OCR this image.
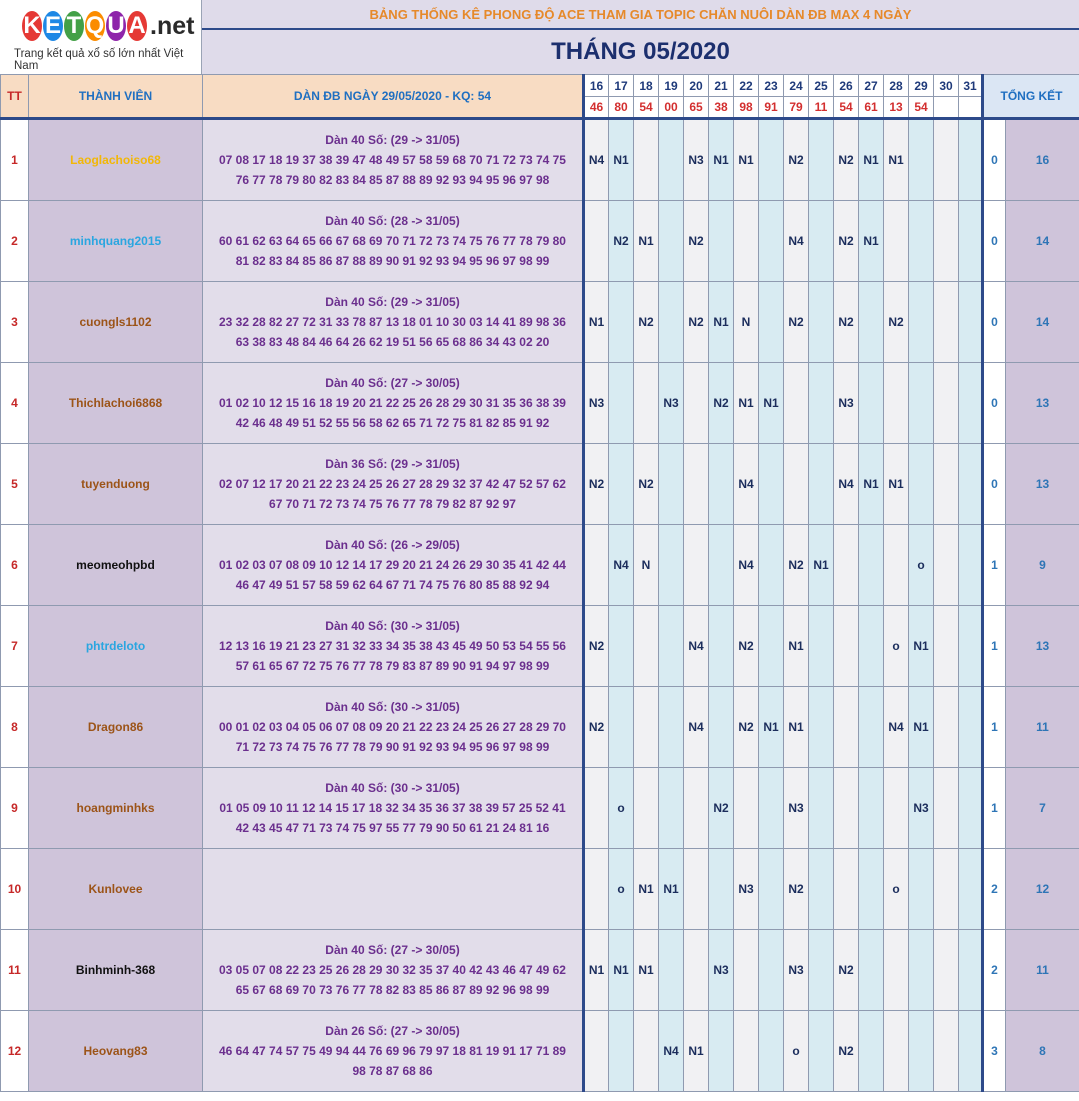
K E T Q U A .net
Trang kết quả xổ số lớn nhất Việt Nam
BẢNG THỐNG KÊ PHONG ĐỘ ACE THAM GIA TOPIC CHĂN NUÔI DÀN ĐB MAX 4 NGÀY
THÁNG 05/2020
TT	THÀNH VIÊN	DÀN ĐB NGÀY 29/05/2020 - KQ: 54	16	17	18	19	20	21	22	23	24	25	26	27	28	29	30	31	TỔNG KẾT	
			46	80	54	00	65	38	98	91	79	11	54	61	13	54				
1	Laoglachoiso68	Dàn 40 Số: (29 -> 31/05)
07 08 17 18 19 37 38 39 47 48 49 57 58 59 68 70 71 72 73 74 75
76 77 78 79 80 82 83 84 85 87 88 89 92 93 94 95 96 97 98	N4	N1			N3	N1	N1		N2		N2	N1	N1				0	16
2	minhquang2015	Dàn 40 Số: (28 -> 31/05)
60 61 62 63 64 65 66 67 68 69 70 71 72 73 74 75 76 77 78 79 80
81 82 83 84 85 86 87 88 89 90 91 92 93 94 95 96 97 98 99		N2	N1		N2				N4		N2	N1					0	14
3	cuongls1102	Dàn 40 Số: (29 -> 31/05)
23 32 28 82 27 72 31 33 78 87 13 18 01 10 30 03 14 41 89 98 36
63 38 83 48 84 46 64 26 62 19 51 56 65 68 86 34 43 02 20	N1		N2		N2	N1	N		N2		N2		N2				0	14
4	Thichlachoi6868	Dàn 40 Số: (27 -> 30/05)
01 02 10 12 15 16 18 19 20 21 22 25 26 28 29 30 31 35 36 38 39
42 46 48 49 51 52 55 56 58 62 65 71 72 75 81 82 85 91 92	N3			N3		N2	N1	N1			N3						0	13
5	tuyenduong	Dàn 36 Số: (29 -> 31/05)
02 07 12 17 20 21 22 23 24 25 26 27 28 29 32 37 42 47 52 57 62
67 70 71 72 73 74 75 76 77 78 79 82 87 92 97	N2		N2				N4				N4	N1	N1				0	13
6	meomeohpbd	Dàn 40 Số: (26 -> 29/05)
01 02 03 07 08 09 10 12 14 17 29 20 21 24 26 29 30 35 41 42 44
46 47 49 51 57 58 59 62 64 67 71 74 75 76 80 85 88 92 94		N4	N				N4		N2	N1				o			1	9
7	phtrdeloto	Dàn 40 Số: (30 -> 31/05)
12 13 16 19 21 23 27 31 32 33 34 35 38 43 45 49 50 53 54 55 56
57 61 65 67 72 75 76 77 78 79 83 87 89 90 91 94 97 98 99	N2				N4		N2		N1				o	N1			1	13
8	Dragon86	Dàn 40 Số: (30 -> 31/05)
00 01 02 03 04 05 06 07 08 09 20 21 22 23 24 25 26 27 28 29 70
71 72 73 74 75 76 77 78 79 90 91 92 93 94 95 96 97 98 99	N2				N4		N2	N1	N1				N4	N1			1	11
9	hoangminhks	Dàn 40 Số: (30 -> 31/05)
01 05 09 10 11 12 14 15 17 18 32 34 35 36 37 38 39 57 25 52 41
42 43 45 47 71 73 74 75 97 55 77 79 90 50 61 21 24 81 16		o				N2			N3					N3			1	7
10	Kunlovee			o	N1	N1			N3		N2				o				2	12
11	Binhminh-368	Dàn 40 Số: (27 -> 30/05)
03 05 07 08 22 23 25 26 28 29 30 32 35 37 40 42 43 46 47 49 62
65 67 68 69 70 73 76 77 78 82 83 85 86 87 89 92 96 98 99	N1	N1	N1			N3			N3		N2						2	11
12	Heovang83	Dàn 26 Số: (27 -> 30/05)
46 64 47 74 57 75 49 94 44 76 69 96 79 97 18 81 19 91 17 71 89
98 78 87 68 86				N4	N1				o		N2						3	8
